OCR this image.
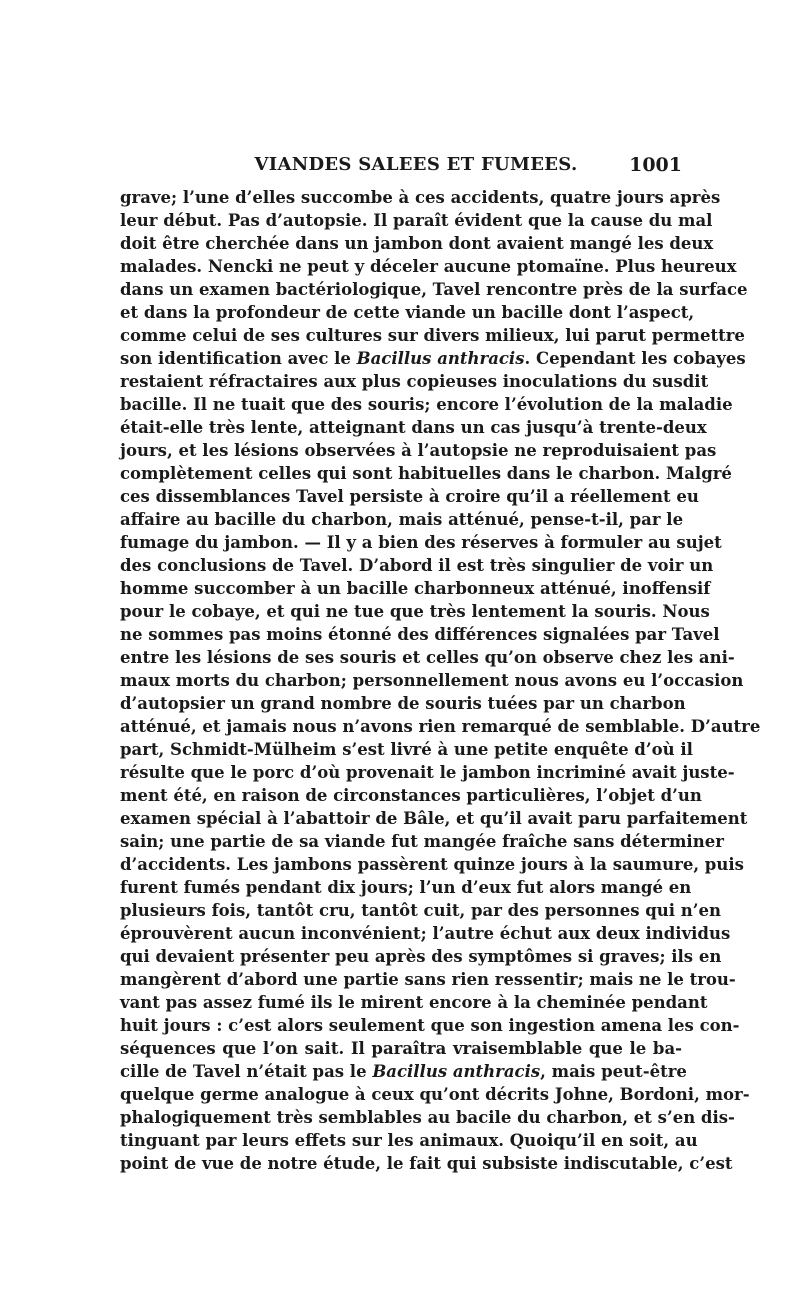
VIANDES SALEES ET FUMEES.	1001
grave; l’une d’elles succombe à ces accidents, quatre jours après
leur début. Pas d’autopsie. Il paraît évident que la cause du mal
doit être cherchée dans un jambon dont avaient mangé les deux
malades. Nencki ne peut y déceler aucune ptomaïne. Plus heureux
dans un examen bactériologique, Tavel rencontre près de la surface
et dans la profondeur de cette viande un bacille dont l’aspect,
comme celui de ses cultures sur divers milieux, lui parut permettre
son identification avec le Bacillus anthracis. Cependant les cobayes
restaient réfractaires aux plus copieuses inoculations du susdit
bacille. Il ne tuait que des souris; encore l’évolution de la maladie
était-elle très lente, atteignant dans un cas jusqu’à trente-deux
jours, et les lésions observées à l’autopsie ne reproduisaient pas
complètement celles qui sont habituelles dans le charbon. Malgré
ces dissemblances Tavel persiste à croire qu’il a réellement eu
affaire au bacille du charbon, mais atténué, pense-t-il, par le
fumage du jambon. — Il y a bien des réserves à formuler au sujet
des conclusions de Tavel. D’abord il est très singulier de voir un
homme succomber à un bacille charbonneux atténué, inoffensif
pour le cobaye, et qui ne tue que très lentement la souris. Nous
ne sommes pas moins étonné des différences signalées par Tavel
entre les lésions de ses souris et celles qu’on observe chez les ani-
maux morts du charbon; personnellement nous avons eu l’occasion
d’autopsier un grand nombre de souris tuées par un charbon
atténué, et jamais nous n’avons rien remarqué de semblable. D’autre
part, Schmidt-Mülheim s’est livré à une petite enquête d’où il
résulte que le porc d’où provenait le jambon incriminé avait juste-
ment été, en raison de circonstances particulières, l’objet d’un
examen spécial à l’abattoir de Bâle, et qu’il avait paru parfaitement
sain; une partie de sa viande fut mangée fraîche sans déterminer
d’accidents. Les jambons passèrent quinze jours à la saumure, puis
furent fumés pendant dix jours; l’un d’eux fut alors mangé en
plusieurs fois, tantôt cru, tantôt cuit, par des personnes qui n’en
éprouvèrent aucun inconvénient; l’autre échut aux deux individus
qui devaient présenter peu après des symptômes si graves; ils en
mangèrent d’abord une partie sans rien ressentir; mais ne le trou-
vant pas assez fumé ils le mirent encore à la cheminée pendant
huit jours : c’est alors seulement que son ingestion amena les con-
séquences que l’on sait. Il paraîtra vraisemblable que le ba-
cille de Tavel n’était pas le Bacillus anthracis, mais peut-être
quelque germe analogue à ceux qu’ont décrits Johne, Bordoni, mor-
phalogiquement très semblables au bacile du charbon, et s’en dis-
tinguant par leurs effets sur les animaux. Quoiqu’il en soit, au
point de vue de notre étude, le fait qui subsiste indiscutable, c’est
